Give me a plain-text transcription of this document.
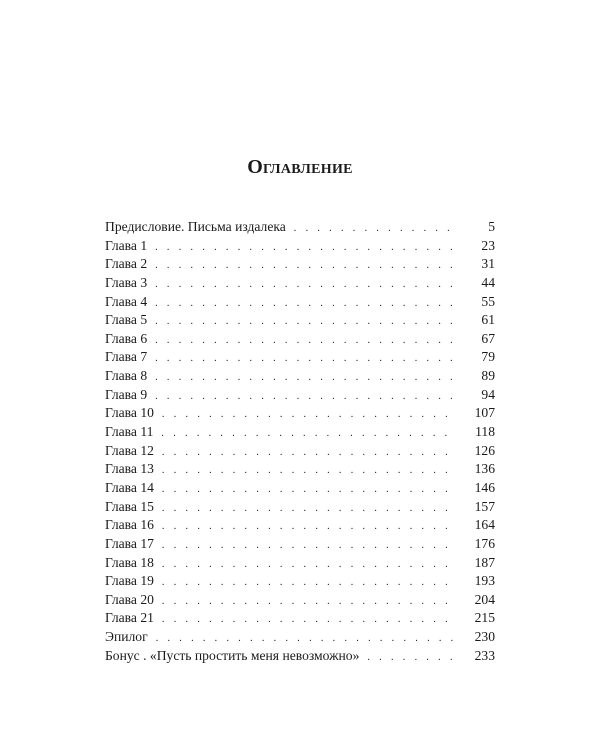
Оглавление
Предисловие. Письма издалека . . .	5
Глава 1 . . .	23
Глава 2 . . .	31
Глава 3 . . .	44
Глава 4 . . .	55
Глава 5 . . .	61
Глава 6 . . .	67
Глава 7 . . .	79
Глава 8 . . .	89
Глава 9 . . .	94
Глава 10 . . .	107
Глава 11 . . .	118
Глава 12 . . .	126
Глава 13 . . .	136
Глава 14 . . .	146
Глава 15 . . .	157
Глава 16 . . .	164
Глава 17 . . .	176
Глава 18 . . .	187
Глава 19 . . .	193
Глава 20 . . .	204
Глава 21 . . .	215
Эпилог . . .	230
Бонус . «Пусть простить меня невозможно» . . .	233
